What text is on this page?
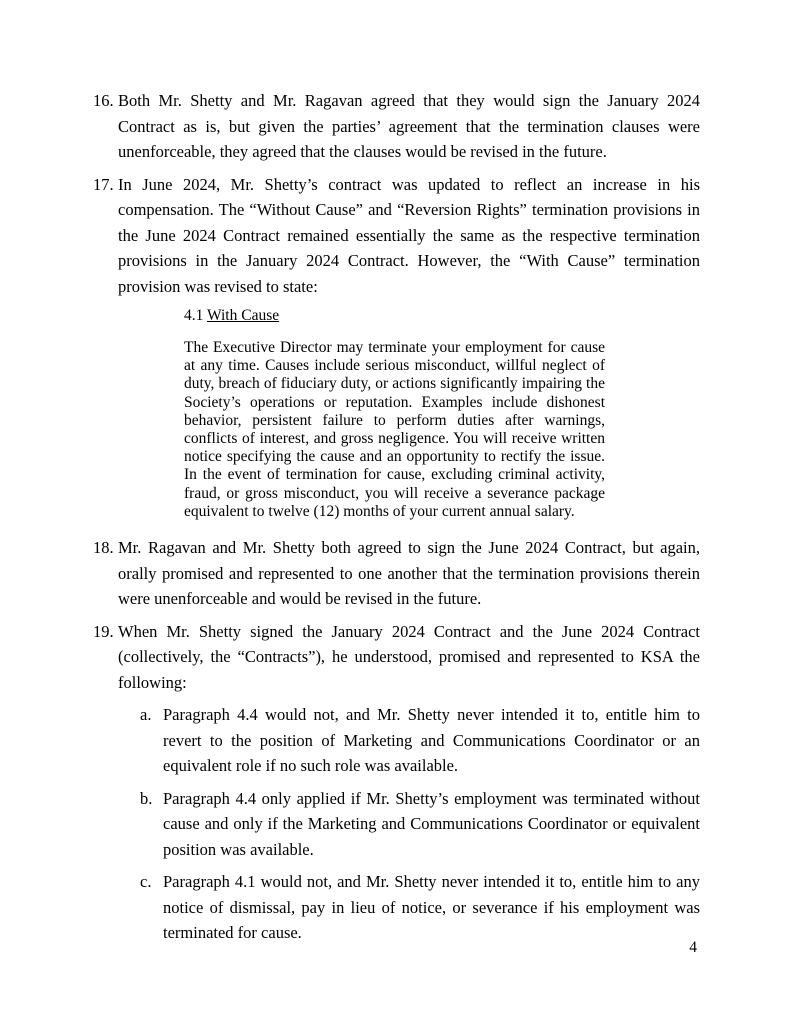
16. Both Mr. Shetty and Mr. Ragavan agreed that they would sign the January 2024 Contract as is, but given the parties’ agreement that the termination clauses were unenforceable, they agreed that the clauses would be revised in the future.
17. In June 2024, Mr. Shetty’s contract was updated to reflect an increase in his compensation. The “Without Cause” and “Reversion Rights” termination provisions in the June 2024 Contract remained essentially the same as the respective termination provisions in the January 2024 Contract. However, the “With Cause” termination provision was revised to state:
4.1 With Cause
The Executive Director may terminate your employment for cause at any time. Causes include serious misconduct, willful neglect of duty, breach of fiduciary duty, or actions significantly impairing the Society’s operations or reputation. Examples include dishonest behavior, persistent failure to perform duties after warnings, conflicts of interest, and gross negligence. You will receive written notice specifying the cause and an opportunity to rectify the issue. In the event of termination for cause, excluding criminal activity, fraud, or gross misconduct, you will receive a severance package equivalent to twelve (12) months of your current annual salary.
18. Mr. Ragavan and Mr. Shetty both agreed to sign the June 2024 Contract, but again, orally promised and represented to one another that the termination provisions therein were unenforceable and would be revised in the future.
19. When Mr. Shetty signed the January 2024 Contract and the June 2024 Contract (collectively, the “Contracts”), he understood, promised and represented to KSA the following:
a. Paragraph 4.4 would not, and Mr. Shetty never intended it to, entitle him to revert to the position of Marketing and Communications Coordinator or an equivalent role if no such role was available.
b. Paragraph 4.4 only applied if Mr. Shetty’s employment was terminated without cause and only if the Marketing and Communications Coordinator or equivalent position was available.
c. Paragraph 4.1 would not, and Mr. Shetty never intended it to, entitle him to any notice of dismissal, pay in lieu of notice, or severance if his employment was terminated for cause.
4
